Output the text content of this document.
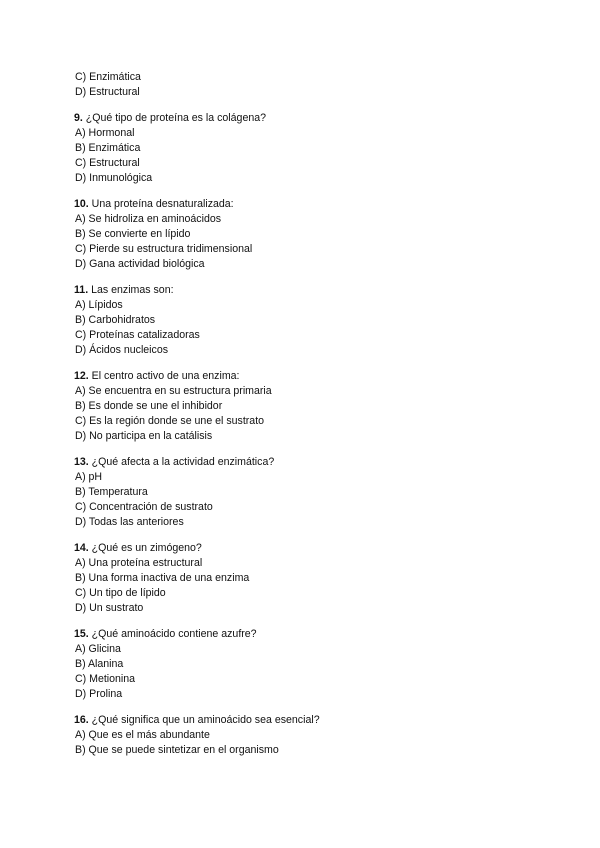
C) Enzimática
D) Estructural
9. ¿Qué tipo de proteína es la colágena?
A) Hormonal
B) Enzimática
C) Estructural
D) Inmunológica
10. Una proteína desnaturalizada:
A) Se hidroliza en aminoácidos
B) Se convierte en lípido
C) Pierde su estructura tridimensional
D) Gana actividad biológica
11. Las enzimas son:
A) Lípidos
B) Carbohidratos
C) Proteínas catalizadoras
D) Ácidos nucleicos
12. El centro activo de una enzima:
A) Se encuentra en su estructura primaria
B) Es donde se une el inhibidor
C) Es la región donde se une el sustrato
D) No participa en la catálisis
13. ¿Qué afecta a la actividad enzimática?
A) pH
B) Temperatura
C) Concentración de sustrato
D) Todas las anteriores
14. ¿Qué es un zimógeno?
A) Una proteína estructural
B) Una forma inactiva de una enzima
C) Un tipo de lípido
D) Un sustrato
15. ¿Qué aminoácido contiene azufre?
A) Glicina
B) Alanina
C) Metionina
D) Prolina
16. ¿Qué significa que un aminoácido sea esencial?
A) Que es el más abundante
B) Que se puede sintetizar en el organismo
